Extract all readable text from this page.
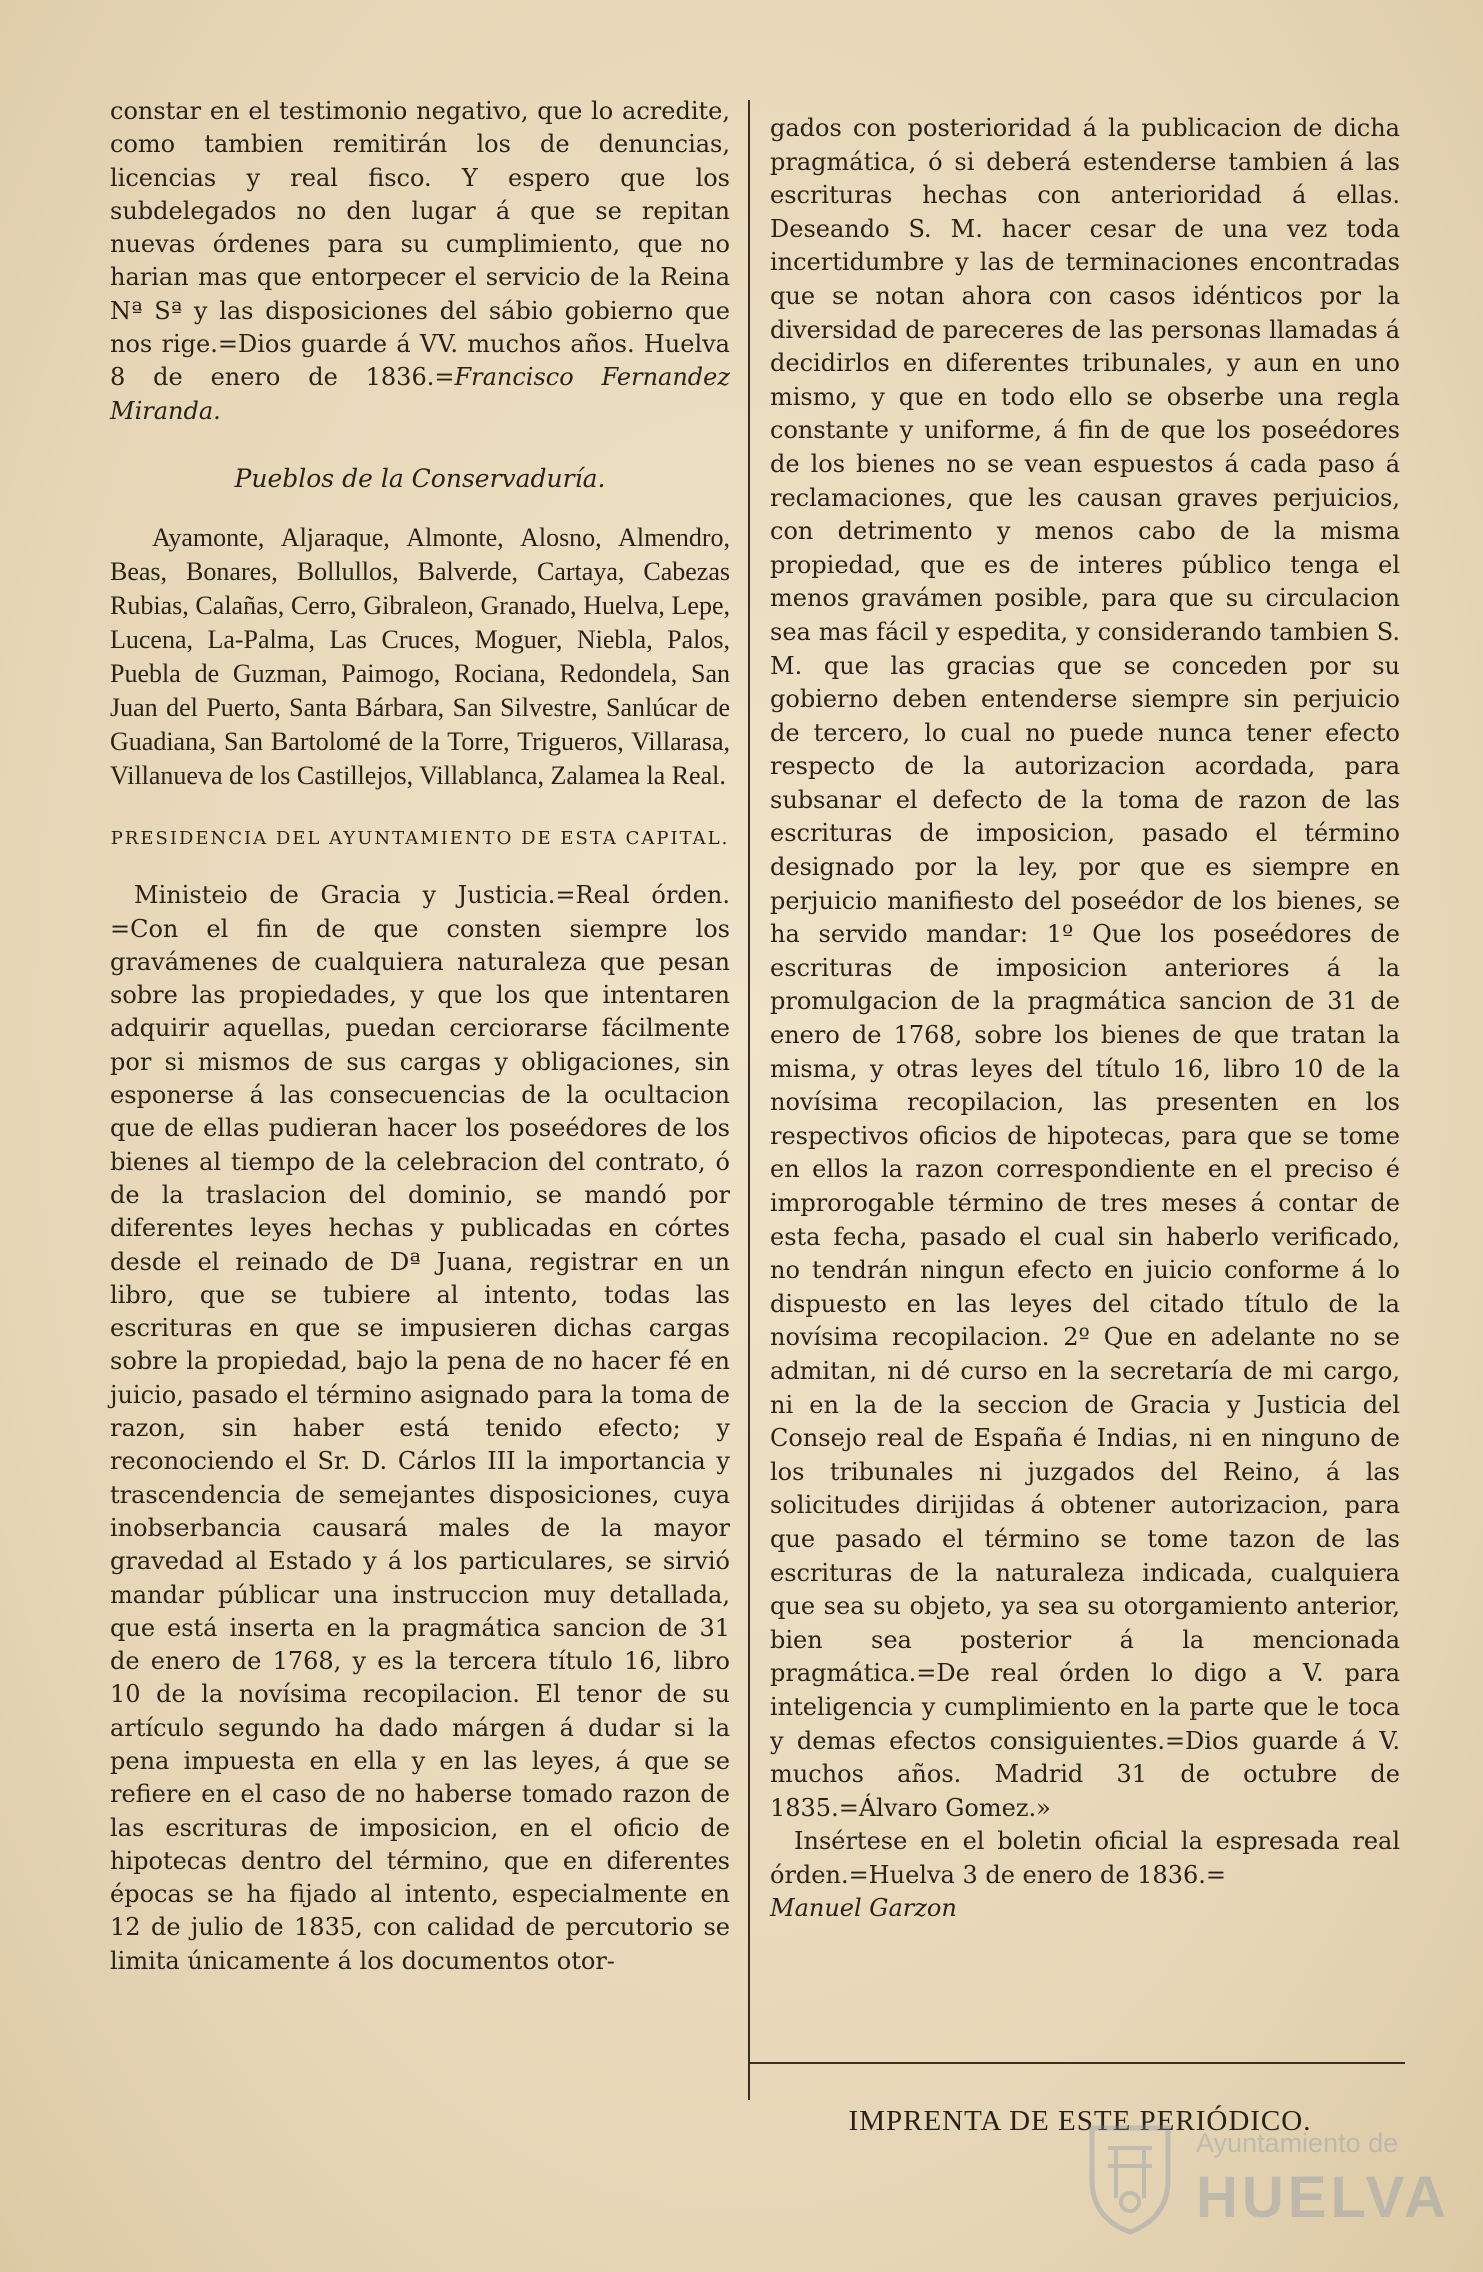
constar en el testimonio negativo, que lo acredite, como tambien remitirán los de denuncias, licencias y real fisco. Y espero que los subdelegados no den lugar á que se repitan nuevas órdenes para su cumplimiento, que no harian mas que entorpecer el servicio de la Reina Nª Sª y las disposiciones del sábio gobierno que nos rige.=Dios guarde á VV. muchos años. Huelva 8 de enero de 1836.=Francisco Fernandez Miranda.

Pueblos de la Conservaduría.

Ayamonte, Aljaraque, Almonte, Alosno, Almendro, Beas, Bonares, Bollullos, Balverde, Cartaya, Cabezas Rubias, Calañas, Cerro, Gibraleon, Granado, Huelva, Lepe, Lucena, La-Palma, Las Cruces, Moguer, Niebla, Palos, Puebla de Guzman, Paimogo, Rociana, Redondela, San Juan del Puerto, Santa Bárbara, San Silvestre, Sanlúcar de Guadiana, San Bartolomé de la Torre, Trigueros, Villarasa, Villanueva de los Castillejos, Villablanca, Zalamea la Real.

PRESIDENCIA DEL AYUNTAMIENTO DE ESTA CAPITAL.

Ministeio de Gracia y Justicia.=Real órden. =Con el fin de que consten siempre los gravámenes de cualquiera naturaleza que pesan sobre las propiedades, y que los que intentaren adquirir aquellas, puedan cerciorarse fácilmente por si mismos de sus cargas y obligaciones, sin esponerse á las consecuencias de la ocultacion que de ellas pudieran hacer los poseédores de los bienes al tiempo de la celebracion del contrato, ó de la traslacion del dominio, se mandó por diferentes leyes hechas y publicadas en córtes desde el reinado de Dª Juana, registrar en un libro, que se tubiere al intento, todas las escrituras en que se impusieren dichas cargas sobre la propiedad, bajo la pena de no hacer fé en juicio, pasado el término asignado para la toma de razon, sin haber está tenido efecto; y reconociendo el Sr. D. Cárlos III la importancia y trascendencia de semejantes disposiciones, cuya inobserbancia causará males de la mayor gravedad al Estado y á los particulares, se sirvió mandar públicar una instruccion muy detallada, que está inserta en la pragmática sancion de 31 de enero de 1768, y es la tercera título 16, libro 10 de la novísima recopilacion. El tenor de su artículo segundo ha dado márgen á dudar si la pena impuesta en ella y en las leyes, á que se refiere en el caso de no haberse tomado razon de las escrituras de imposicion, en el oficio de hipotecas dentro del término, que en diferentes épocas se ha fijado al intento, especialmente en 12 de julio de 1835, con calidad de percutorio se limita únicamente á los documentos otor-

gados con posterioridad á la publicacion de dicha pragmática, ó si deberá estenderse tambien á las escrituras hechas con anterioridad á ellas. Deseando S. M. hacer cesar de una vez toda incertidumbre y las de terminaciones encontradas que se notan ahora con casos idénticos por la diversidad de pareceres de las personas llamadas á decidirlos en diferentes tribunales, y aun en uno mismo, y que en todo ello se obserbe una regla constante y uniforme, á fin de que los poseédores de los bienes no se vean espuestos á cada paso á reclamaciones, que les causan graves perjuicios, con detrimento y menos cabo de la misma propiedad, que es de interes público tenga el menos gravámen posible, para que su circulacion sea mas fácil y espedita, y considerando tambien S. M. que las gracias que se conceden por su gobierno deben entenderse siempre sin perjuicio de tercero, lo cual no puede nunca tener efecto respecto de la autorizacion acordada, para subsanar el defecto de la toma de razon de las escrituras de imposicion, pasado el término designado por la ley, por que es siempre en perjuicio manifiesto del poseédor de los bienes, se ha servido mandar: 1º Que los poseédores de escrituras de imposicion anteriores á la promulgacion de la pragmática sancion de 31 de enero de 1768, sobre los bienes de que tratan la misma, y otras leyes del título 16, libro 10 de la novísima recopilacion, las presenten en los respectivos oficios de hipotecas, para que se tome en ellos la razon correspondiente en el preciso é improrogable término de tres meses á contar de esta fecha, pasado el cual sin haberlo verificado, no tendrán ningun efecto en juicio conforme á lo dispuesto en las leyes del citado título de la novísima recopilacion. 2º Que en adelante no se admitan, ni dé curso en la secretaría de mi cargo, ni en la de la seccion de Gracia y Justicia del Consejo real de España é Indias, ni en ninguno de los tribunales ni juzgados del Reino, á las solicitudes dirijidas á obtener autorizacion, para que pasado el término se tome tazon de las escrituras de la naturaleza indicada, cualquiera que sea su objeto, ya sea su otorgamiento anterior, bien sea posterior á la mencionada pragmática.=De real órden lo digo a V. para inteligencia y cumplimiento en la parte que le toca y demas efectos consiguientes.=Dios guarde á V. muchos años. Madrid 31 de octubre de 1835.=Álvaro Gomez.»

Insértese en el boletin oficial la espresada real órden.=Huelva 3 de enero de 1836.=
Manuel Garzon

IMPRENTA DE ESTE PERIÓDICO.
Ayuntamiento de
HUELVA
